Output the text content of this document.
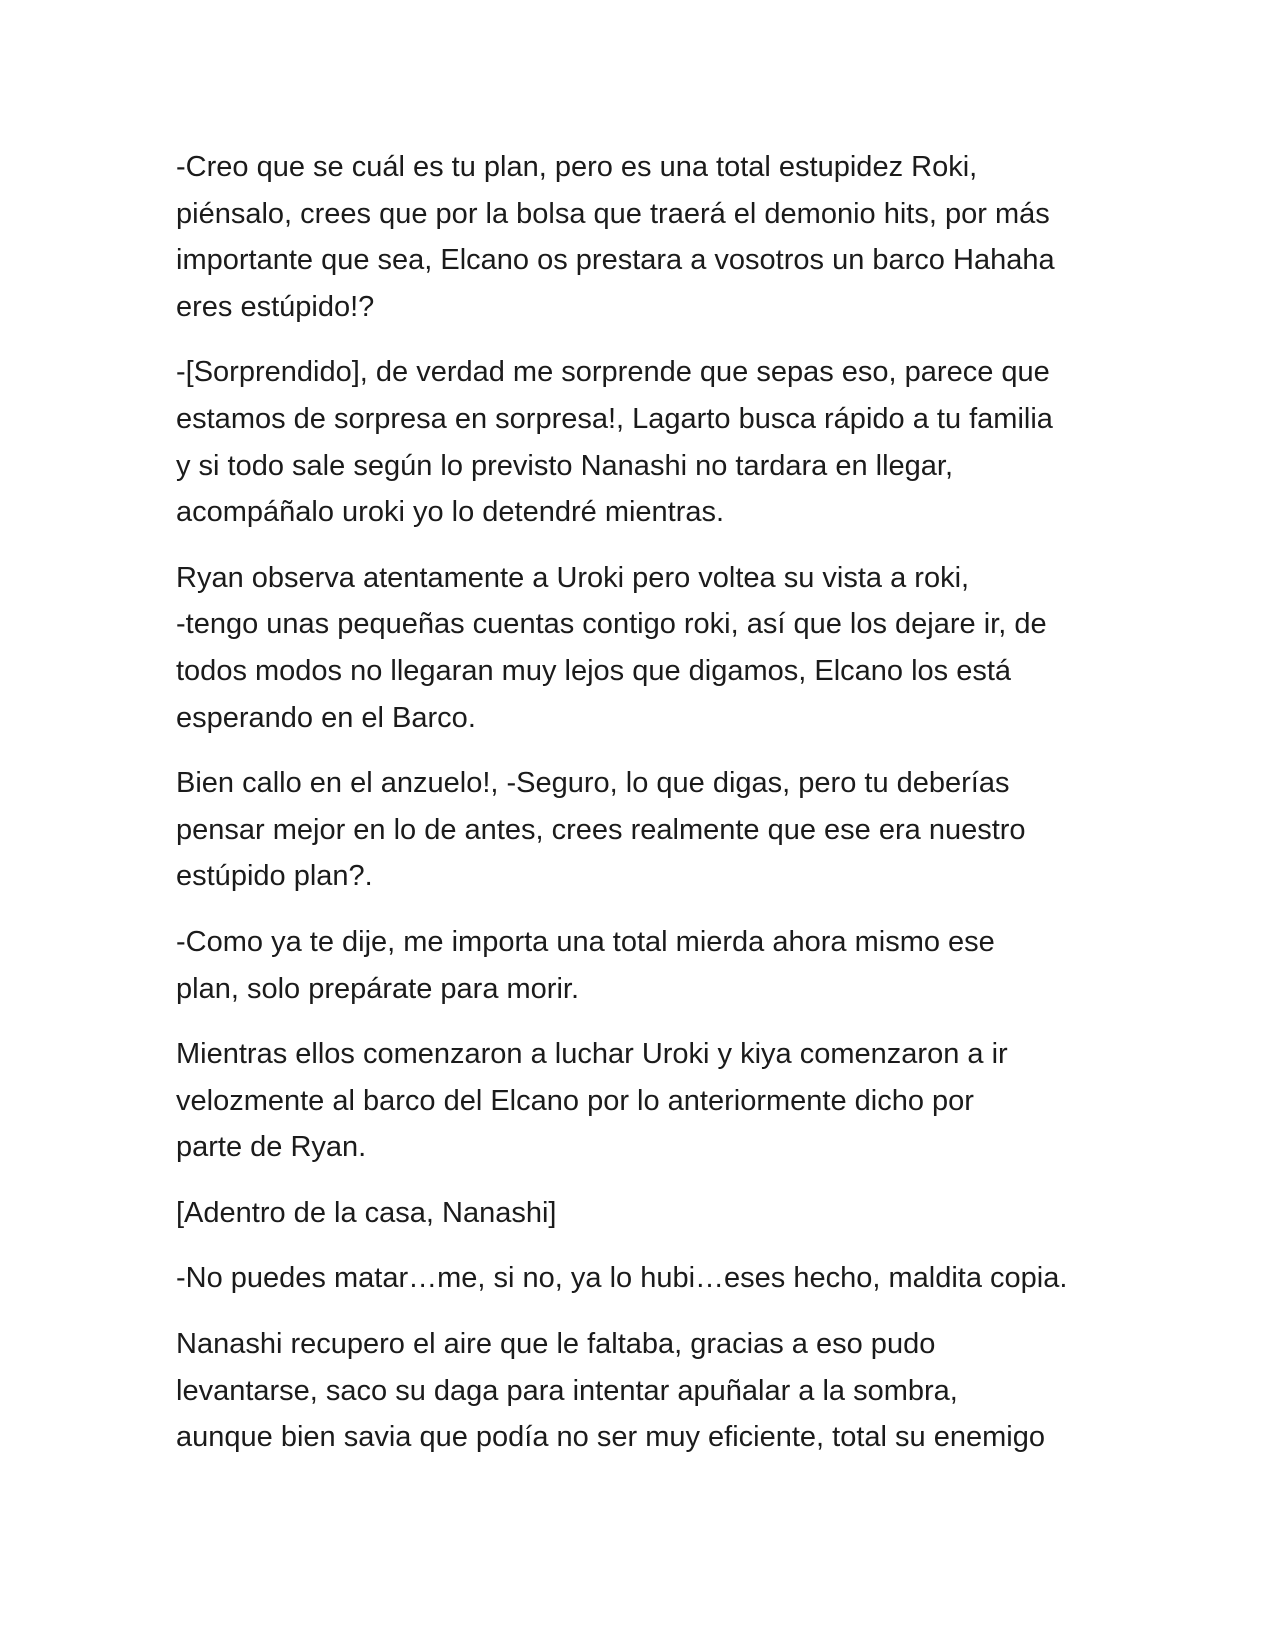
-Creo que se cuál es tu plan, pero es una total estupidez Roki,
piénsalo, crees que por la bolsa que traerá el demonio hits, por más
importante que sea, Elcano os prestara a vosotros un barco Hahaha
eres estúpido!?

-[Sorprendido], de verdad me sorprende que sepas eso, parece que
estamos de sorpresa en sorpresa!, Lagarto busca rápido a tu familia
y si todo sale según lo previsto Nanashi no tardara en llegar,
acompáñalo uroki yo lo detendré mientras.

Ryan observa atentamente a Uroki pero voltea su vista a roki,
-tengo unas pequeñas cuentas contigo roki, así que los dejare ir, de
todos modos no llegaran muy lejos que digamos, Elcano los está
esperando en el Barco.

Bien callo en el anzuelo!, -Seguro, lo que digas, pero tu deberías
pensar mejor en lo de antes, crees realmente que ese era nuestro
estúpido plan?.

-Como ya te dije, me importa una total mierda ahora mismo ese
plan, solo prepárate para morir.

Mientras ellos comenzaron a luchar Uroki y kiya comenzaron a ir
velozmente al barco del Elcano por lo anteriormente dicho por
parte de Ryan.

[Adentro de la casa, Nanashi]

-No puedes matar…me, si no, ya lo hubi…eses hecho, maldita copia.

Nanashi recupero el aire que le faltaba, gracias a eso pudo
levantarse, saco su daga para intentar apuñalar a la sombra,
aunque bien savia que podía no ser muy eficiente, total su enemigo
